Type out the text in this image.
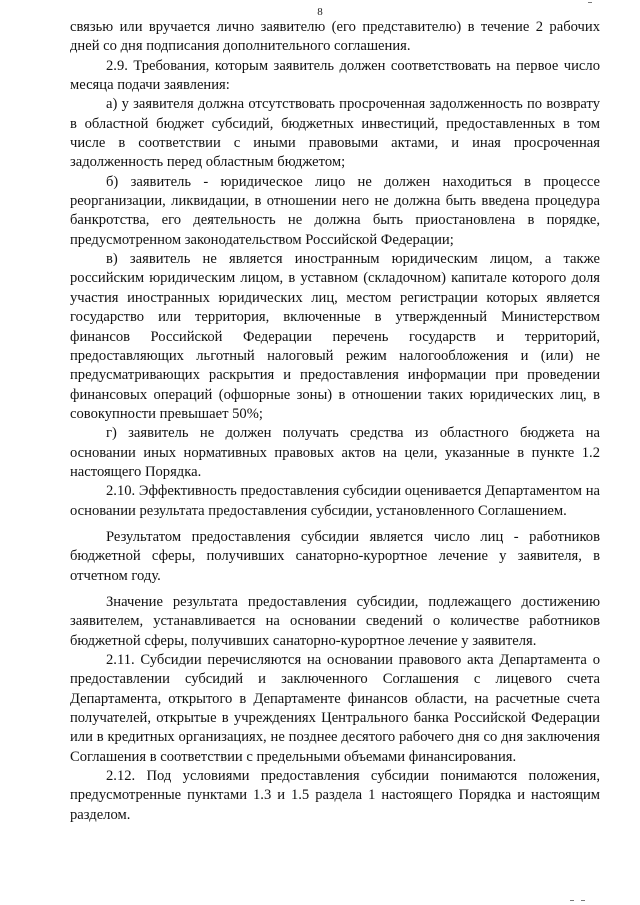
8

связью или вручается лично заявителю (его представителю) в течение 2 рабочих дней со дня подписания дополнительного соглашения.

2.9. Требования, которым заявитель должен соответствовать на первое число месяца подачи заявления:

а) у заявителя должна отсутствовать просроченная задолженность по возврату в областной бюджет субсидий, бюджетных инвестиций, предоставленных в том числе в соответствии с иными правовыми актами, и иная просроченная задолженность перед областным бюджетом;

б) заявитель - юридическое лицо не должен находиться в процессе реорганизации, ликвидации, в отношении него не должна быть введена процедура банкротства, его деятельность не должна быть приостановлена в порядке, предусмотренном законодательством Российской Федерации;

в) заявитель не является иностранным юридическим лицом, а также российским юридическим лицом, в уставном (складочном) капитале которого доля участия иностранных юридических лиц, местом регистрации которых является государство или территория, включенные в утвержденный Министерством финансов Российской Федерации перечень государств и территорий, предоставляющих льготный налоговый режим налогообложения и (или) не предусматривающих раскрытия и предоставления информации при проведении финансовых операций (офшорные зоны) в отношении таких юридических лиц, в совокупности превышает 50%;

г) заявитель не должен получать средства из областного бюджета на основании иных нормативных правовых актов на цели, указанные в пункте 1.2 настоящего Порядка.

2.10. Эффективность предоставления субсидии оценивается Департаментом на основании результата предоставления субсидии, установленного Соглашением.

Результатом предоставления субсидии является число лиц - работников бюджетной сферы, получивших санаторно-курортное лечение у заявителя, в отчетном году.

Значение результата предоставления субсидии, подлежащего достижению заявителем, устанавливается на основании сведений о количестве работников бюджетной сферы, получивших санаторно-курортное лечение у заявителя.

2.11. Субсидии перечисляются на основании правового акта Департамента о предоставлении субсидий и заключенного Соглашения с лицевого счета Департамента, открытого в Департаменте финансов области, на расчетные счета получателей, открытые в учреждениях Центрального банка Российской Федерации или в кредитных организациях, не позднее десятого рабочего дня со дня заключения Соглашения в соответствии с предельными объемами финансирования.

2.12. Под условиями предоставления субсидии понимаются положения, предусмотренные пунктами 1.3 и 1.5 раздела 1 настоящего Порядка и настоящим разделом.
